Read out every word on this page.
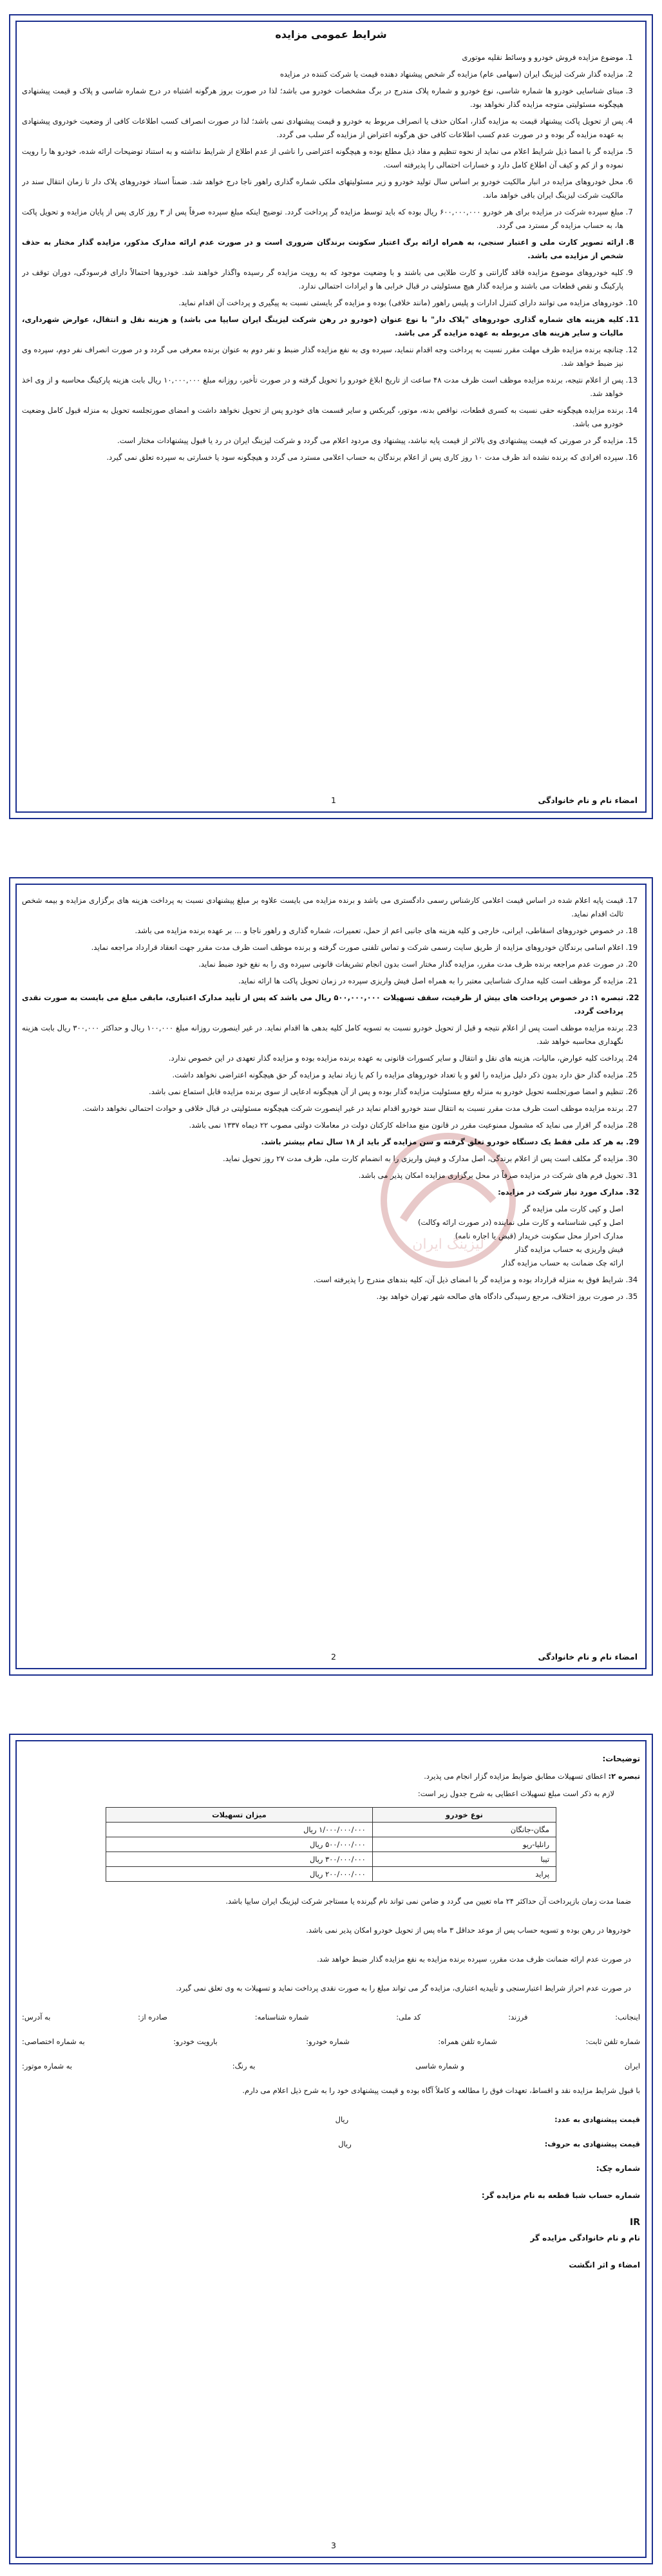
شرایط عمومی مزایده
1. موضوع مزایده فروش خودرو و وسائط نقلیه موتوری
2. مزایده گذار شرکت لیزینگ ایران (سهامی عام) مزایده گر شخص پیشنهاد دهنده قیمت یا شرکت کننده در مزایده
3. مبنای شناسایی خودرو ها شماره شاسی، نوع خودرو و شماره پلاک مندرج در برگ مشخصات خودرو می باشد؛ لذا در صورت بروز هرگونه اشتباه در درج شماره شاسی و پلاک و قیمت پیشنهادی هیچگونه مسئولیتی متوجه مزایده گذار نخواهد بود.
4. پس از تحویل پاکت پیشنهاد قیمت به مزایده گذار، امکان حذف یا انصراف مربوط به خودرو و قیمت پیشنهادی نمی باشد؛ لذا در صورت انصراف کسب اطلاعات کافی از وضعیت خودروی پیشنهادی به عهده مزایده گر بوده و در صورت عدم کسب اطلاعات کافی حق هرگونه اعتراض از مزایده گر سلب می گردد.
5. مزایده گر با امضا ذیل شرایط اعلام می نماید از نحوه تنظیم و مفاد ذیل مطلع بوده و هیچگونه اعتراضی را ناشی از عدم اطلاع از شرایط نداشته و به استناد توضیحات ارائه شده، خودرو ها را رویت نموده و از کم و کیف آن اطلاع کامل دارد و خسارات احتمالی را پذیرفته است.
6. محل خودروهای مزایده در انبار مالکیت خودرو بر اساس سال تولید خودرو و زیر مسئولیتهای ملکی شماره گذاری راهور ناجا درج خواهد شد. ضمناً اسناد خودروهای پلاک دار تا زمان انتقال سند در مالکیت شرکت لیزینگ ایران باقی خواهد ماند.
7. مبلغ سپرده شرکت در مزایده برای هر خودرو ۶۰۰,۰۰۰,۰۰۰ ریال بوده که باید توسط مزایده گر پرداخت گردد. توضیح اینکه مبلغ سپرده صرفاً پس از ۳ روز کاری پس از پایان مزایده و تحویل پاکت ها، به حساب مزایده گر مسترد می گردد.
8. ارائه تصویر کارت ملی و اعتبار سنجی، به همراه ارائه برگ اعتبار سکونت برندگان ضروری است و در صورت عدم ارائه مدارک مذکور، مزایده گذار مختار به حذف شخص از مزایده می باشد.
9. کلیه خودروهای موضوع مزایده فاقد گارانتی و کارت طلایی می باشند و با وضعیت موجود که به رویت مزایده گر رسیده واگذار خواهند شد. خودروها احتمالاً دارای فرسودگی، دوران توقف در پارکینگ و نقص قطعات می باشند و مزایده گذار هیچ مسئولیتی در قبال خرابی ها و ایرادات احتمالی ندارد.
10. خودروهای مزایده می توانند دارای کنترل ادارات و پلیس راهور (مانند خلافی) بوده و مزایده گر بایستی نسبت به پیگیری و پرداخت آن اقدام نماید.
11. کلیه هزینه های شماره گذاری خودروهای "پلاک دار" با نوع عنوان (خودرو در رهن شرکت لیزینگ ایران سایپا می باشد) و هزینه نقل و انتقال، عوارض شهرداری، مالیات و سایر هزینه های مربوطه به عهده مزایده گر می باشد.
12. چنانچه برنده مزایده ظرف مهلت مقرر نسبت به پرداخت وجه اقدام ننماید، سپرده وی به نفع مزایده گذار ضبط و نفر دوم به عنوان برنده معرفی می گردد و در صورت انصراف نفر دوم، سپرده وی نیز ضبط خواهد شد.
13. پس از اعلام نتیجه، برنده مزایده موظف است ظرف مدت ۴۸ ساعت از تاریخ ابلاغ خودرو را تحویل گرفته و در صورت تأخیر، روزانه مبلغ ۱۰,۰۰۰,۰۰۰ ریال بابت هزینه پارکینگ محاسبه و از وی اخذ خواهد شد.
14. برنده مزایده هیچگونه حقی نسبت به کسری قطعات، نواقص بدنه، موتور، گیربکس و سایر قسمت های خودرو پس از تحویل نخواهد داشت و امضای صورتجلسه تحویل به منزله قبول کامل وضعیت خودرو می باشد.
15. مزایده گر در صورتی که قیمت پیشنهادی وی بالاتر از قیمت پایه نباشد، پیشنهاد وی مردود اعلام می گردد و شرکت لیزینگ ایران در رد یا قبول پیشنهادات مختار است.
16. سپرده افرادی که برنده نشده اند ظرف مدت ۱۰ روز کاری پس از اعلام برندگان به حساب اعلامی مسترد می گردد و هیچگونه سود یا خسارتی به سپرده تعلق نمی گیرد.
امضاء نام و نام خانوادگی
1
لیزینگ ایران
17. قیمت پایه اعلام شده در اساس قیمت اعلامی کارشناس رسمی دادگستری می باشد و برنده مزایده می بایست علاوه بر مبلغ پیشنهادی نسبت به پرداخت هزینه های برگزاری مزایده و بیمه شخص ثالث اقدام نماید.
18. در خصوص خودروهای اسقاطی، ایرانی، خارجی و کلیه هزینه های جانبی اعم از حمل، تعمیرات، شماره گذاری و راهور ناجا و ... بر عهده برنده مزایده می باشد.
19. اعلام اسامی برندگان خودروهای مزایده از طریق سایت رسمی شرکت و تماس تلفنی صورت گرفته و برنده موظف است ظرف مدت مقرر جهت انعقاد قرارداد مراجعه نماید.
20. در صورت عدم مراجعه برنده ظرف مدت مقرر، مزایده گذار مختار است بدون انجام تشریفات قانونی سپرده وی را به نفع خود ضبط نماید.
21. مزایده گر موظف است کلیه مدارک شناسایی معتبر را به همراه اصل فیش واریزی سپرده در زمان تحویل پاکت ها ارائه نماید.
22. تبصره ۱: در خصوص پرداخت های بیش از ظرفیت، سقف تسهیلات ۵۰۰,۰۰۰,۰۰۰ ریال می باشد که پس از تأیید مدارک اعتباری، مابقی مبلغ می بایست به صورت نقدی پرداخت گردد.
23. برنده مزایده موظف است پس از اعلام نتیجه و قبل از تحویل خودرو نسبت به تسویه کامل کلیه بدهی ها اقدام نماید. در غیر اینصورت روزانه مبلغ ۱۰۰,۰۰۰ ریال و حداکثر ۳۰۰,۰۰۰ ریال بابت هزینه نگهداری محاسبه خواهد شد.
24. پرداخت کلیه عوارض، مالیات، هزینه های نقل و انتقال و سایر کسورات قانونی به عهده برنده مزایده بوده و مزایده گذار تعهدی در این خصوص ندارد.
25. مزایده گذار حق دارد بدون ذکر دلیل مزایده را لغو و یا تعداد خودروهای مزایده را کم یا زیاد نماید و مزایده گر حق هیچگونه اعتراضی نخواهد داشت.
26. تنظیم و امضا صورتجلسه تحویل خودرو به منزله رفع مسئولیت مزایده گذار بوده و پس از آن هیچگونه ادعایی از سوی برنده مزایده قابل استماع نمی باشد.
27. برنده مزایده موظف است ظرف مدت مقرر نسبت به انتقال سند خودرو اقدام نماید در غیر اینصورت شرکت هیچگونه مسئولیتی در قبال خلافی و حوادث احتمالی نخواهد داشت.
28. مزایده گر اقرار می نماید که مشمول ممنوعیت مقرر در قانون منع مداخله کارکنان دولت در معاملات دولتی مصوب ۲۲ دیماه ۱۳۳۷ نمی باشد.
29. به هر کد ملی فقط یک دستگاه خودرو تعلق گرفته و سن مزایده گر باید از ۱۸ سال تمام بیشتر باشد.
30. مزایده گر مکلف است پس از اعلام برندگی، اصل مدارک و فیش واریزی را به انضمام کارت ملی، ظرف مدت ۲۷ روز تحویل نماید.
31. تحویل فرم های شرکت در مزایده صرفاً در محل برگزاری مزایده امکان پذیر می باشد.
32. مدارک مورد نیاز شرکت در مزایده:
اصل و کپی کارت ملی مزایده گر
اصل و کپی شناسنامه و کارت ملی نماینده (در صورت ارائه وکالت)
مدارک احراز محل سکونت خریدار (قبض یا اجاره نامه)
فیش واریزی به حساب مزایده گذار
ارائه چک ضمانت به حساب مزایده گذار
34. شرایط فوق به منزله قرارداد بوده و مزایده گر با امضای ذیل آن، کلیه بندهای مندرج را پذیرفته است.
35. در صورت بروز اختلاف، مرجع رسیدگی دادگاه های صالحه شهر تهران خواهد بود.
امضاء نام و نام خانوادگی
2
توضیحات:
تبصره ۲: اعطای تسهیلات مطابق ضوابط مزایده گزار انجام می پذیرد.
لازم به ذکر است مبلغ تسهیلات اعطایی به شرح جدول زیر است:
نوع خودرو	میزان تسهیلات
مگان-جانگان	۱/۰۰۰/۰۰۰/۰۰۰ ریال
رانلیا-ریو	۵۰۰/۰۰۰/۰۰۰ ریال
تیبا	۳۰۰/۰۰۰/۰۰۰ ریال
پراید	۲۰۰/۰۰۰/۰۰۰ ریال
ضمنا مدت زمان بازپرداخت آن حداکثر ۲۴ ماه تعیین می گردد و ضامن نمی تواند نام گیرنده یا مستاجر شرکت لیزینگ ایران سایپا باشد.
خودروها در رهن بوده و تسویه حساب پس از موعد حداقل ۳ ماه پس از تحویل خودرو امکان پذیر نمی باشد.
در صورت عدم ارائه ضمانت ظرف مدت مقرر، سپرده برنده مزایده به نفع مزایده گذار ضبط خواهد شد.
در صورت عدم احراز شرایط اعتبارسنجی و تأییدیه اعتباری، مزایده گر می تواند مبلغ را به صورت نقدی پرداخت نماید و تسهیلات به وی تعلق نمی گیرد.
اینجانب:
فرزند:
کد ملی:
شماره شناسنامه:
صادره از:
به آدرس:
شماره تلفن ثابت:
شماره تلفن همراه:
شماره خودرو:
بارویت خودرو:
به شماره اختصاصی:
ایران
و شماره شاسی
به رنگ:
به شماره موتور:
با قبول شرایط مزایده نقد و اقساط، تعهدات فوق را مطالعه و کاملاً آگاه بوده و قیمت پیشنهادی خود را به شرح ذیل اعلام می دارم.
قیمت پیشنهادی به عدد:
ریال
قیمت پیشنهادی به حروف:
ریال
شماره چک:
شماره حساب شبا قطعه به نام مزایده گر:
IR
نام و نام خانوادگی مزایده گر
امضاء و اثر انگشت
3
